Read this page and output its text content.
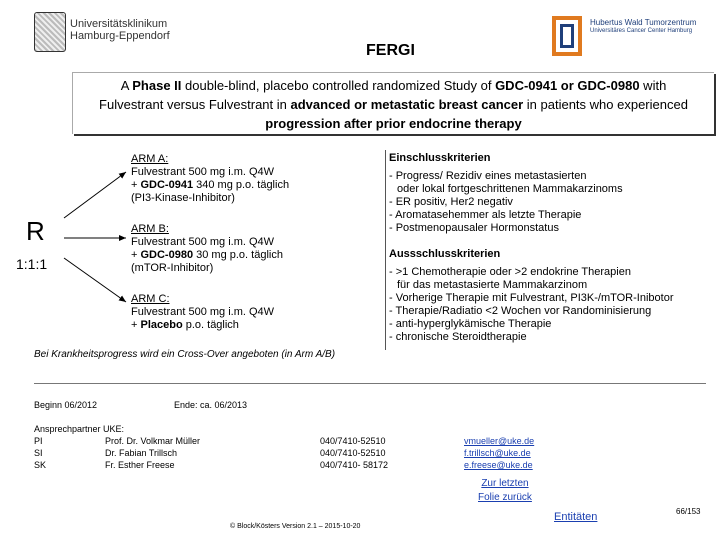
Universitätsklinikum
Hamburg-Eppendorf
Hubertus Wald Tumorzentrum
Universitäres Cancer Center Hamburg
FERGI
A Phase II double-blind, placebo controlled randomized Study of GDC-0941 or GDC-0980 with
Fulvestrant versus Fulvestrant in advanced or metastatic breast cancer in patients who experienced
progression after prior endocrine therapy
R
1:1:1
ARM A:
Fulvestrant 500 mg i.m. Q4W
+ GDC-0941 340 mg p.o. täglich
(PI3-Kinase-Inhibitor)
ARM B:
Fulvestrant 500 mg i.m. Q4W
+ GDC-0980 30 mg p.o. täglich
(mTOR-Inhibitor)
ARM C:
Fulvestrant 500 mg i.m. Q4W
+ Placebo p.o. täglich
Bei Krankheitsprogress wird ein Cross-Over angeboten (in Arm A/B)
Einschlusskriterien
- Progress/ Rezidiv eines metastasierten
oder lokal fortgeschrittenen Mammakarzinoms
- ER positiv, Her2 negativ
- Aromatasehemmer als letzte Therapie
- Postmenopausaler Hormonstatus
Aussschlusskriterien
- >1 Chemotherapie oder >2 endokrine Therapien
für das metastasierte Mammakarzinom
- Vorherige Therapie mit Fulvestrant, PI3K-/mTOR-Inibotor
- Therapie/Radiatio <2 Wochen vor Randominisierung
- anti-hyperglykämische Therapie
- chronische Steroidtherapie
Beginn 06/2012	Ende: ca. 06/2013
Ansprechpartner UKE:
PI	Prof. Dr. Volkmar Müller	040/7410-52510	vmueller@uke.de
SI	Dr. Fabian Trillsch	040/7410-52510	f.trillsch@uke.de
SK	Fr. Esther Freese	040/7410- 58172	e.freese@uke.de
Zur letzten
Folie zurück
Entitäten
© Block/Kösters Version 2.1 – 2015-10-20
66/153
